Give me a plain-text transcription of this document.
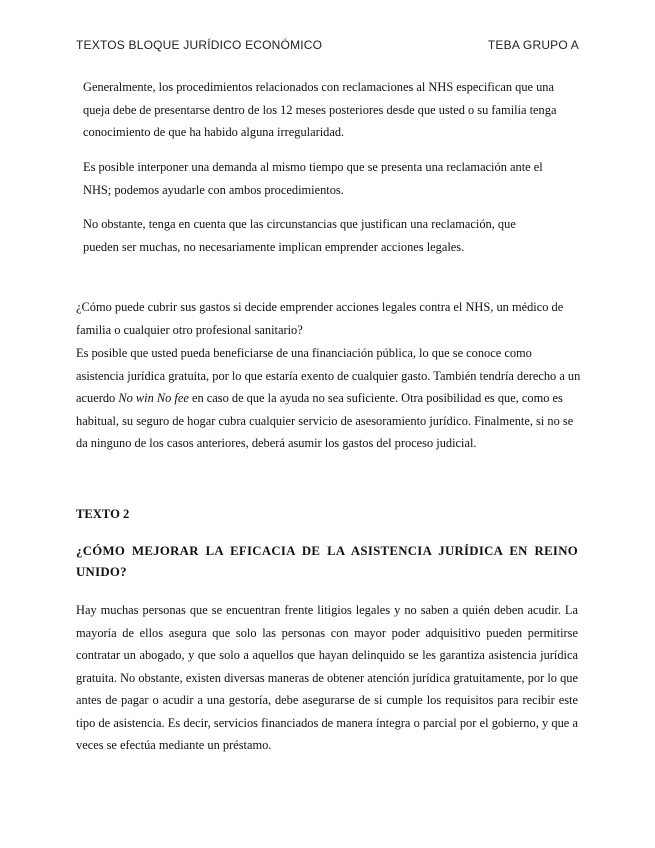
TEXTOS BLOQUE JURÍDICO ECONÓMICO	TEBA GRUPO A

Generalmente, los procedimientos relacionados con reclamaciones al NHS especifican que una queja debe de presentarse dentro de los 12 meses posteriores desde que usted o su familia tenga conocimiento de que ha habido alguna irregularidad.

Es posible interponer una demanda al mismo tiempo que se presenta una reclamación ante el NHS; podemos ayudarle con ambos procedimientos.

No obstante, tenga en cuenta que las circunstancias que justifican una reclamación, que pueden ser muchas, no necesariamente implican emprender acciones legales.

¿Cómo puede cubrir sus gastos si decide emprender acciones legales contra el NHS, un médico de familia o cualquier otro profesional sanitario?

Es posible que usted pueda beneficiarse de una financiación pública, lo que se conoce como asistencia jurídica gratuita, por lo que estaría exento de cualquier gasto. También tendría derecho a un acuerdo No win No fee en caso de que la ayuda no sea suficiente. Otra posibilidad es que, como es habitual, su seguro de hogar cubra cualquier servicio de asesoramiento jurídico. Finalmente, si no se da ninguno de los casos anteriores, deberá asumir los gastos del proceso judicial.

TEXTO 2

¿CÓMO MEJORAR LA EFICACIA DE LA ASISTENCIA JURÍDICA EN REINO UNIDO?

Hay muchas personas que se encuentran frente litigios legales y no saben a quién deben acudir. La mayoría de ellos asegura que solo las personas con mayor poder adquisitivo pueden permitirse contratar un abogado, y que solo a aquellos que hayan delinquido se les garantiza asistencia jurídica gratuita. No obstante, existen diversas maneras de obtener atención jurídica gratuitamente, por lo que antes de pagar o acudir a una gestoría, debe asegurarse de si cumple los requisitos para recibir este tipo de asistencia. Es decir, servicios financiados de manera íntegra o parcial por el gobierno, y que a veces se efectúa mediante un préstamo.
